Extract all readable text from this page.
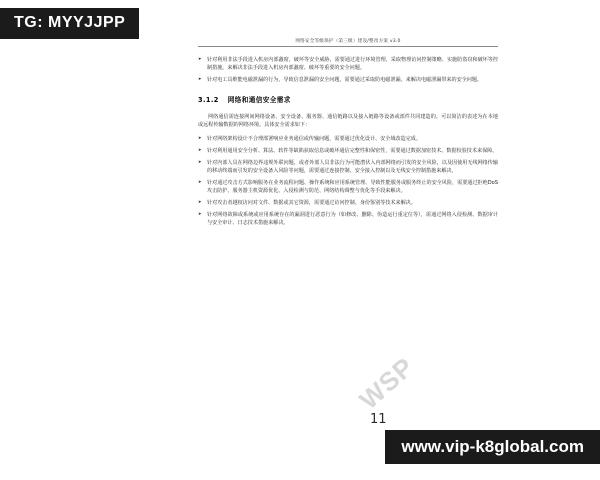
网络安全等级保护（第三级）建设/整改方案 v3.0
➤ 针对利用非法手段进入机房内部蠡窗，破坏等安全威胁，需要通过进行环境管理、采取物理访问控制策略、实施防盗窃和破坏等控制措施。来解决非法手段进入机房内部蠡窗、破坏等重要的安全问题。
➤ 针对电工具维能电磁泄漏的行为，导致信息泄漏的安全问题，需要通过采取防电磁泄漏。来解决电磁泄漏带来的安全问题。
3.1.2 网络和通信安全需求
网络通信需连接网间网络设备、安全设备、服务器、通信链路以及接入链路等设备或部件共同建造的。可以简洁的表述为在本地或远程传输数据的网络环境。具体安全需求如下：
➤ 针对网络架构设计不合理部署响应业务通信或传输问题，需要通过优化设计、安全域改造完成。
➤ 针对利用通用安全分析、算法、软件等缺陷获取信息或破坏通信完整性和保密性，需要通过数据加密技术、数据校验技术来保障。
➤ 针对内部人员在网络边界违规外联问题，或者外部人员非法行为可能潜伏入内部网络而引发的安全风险，以及因使用无线网络传输的移动终端而引发的安全设备入风险等问题，需要通过连接控制、安全接入控制以及无线安全控制措施来解决。
➤ 针对通过攻击方式影响服务在业务流程问题、操作系统和应用系统管理、导致性能服务或服务终止的安全风险，需要通过拒绝DoS攻击防护、服务器主机资源优化、入侵检测与防范、网络结构调整与优化等手段来解决。
➤ 针对攻击者越权访问对文件、数据或其它资源，需要通过访问控制、身份鉴别等技术来解决。
➤ 针对网络故障或系统或应用系统存在的漏洞进行恶意行为（如修改、删除、伪造运行重定位等），需通过网络入侵检测、数据审计与安全审计、日志技术措施来解决。
WSP
11
TG: MYYJJPP
www.vip-k8global.com
